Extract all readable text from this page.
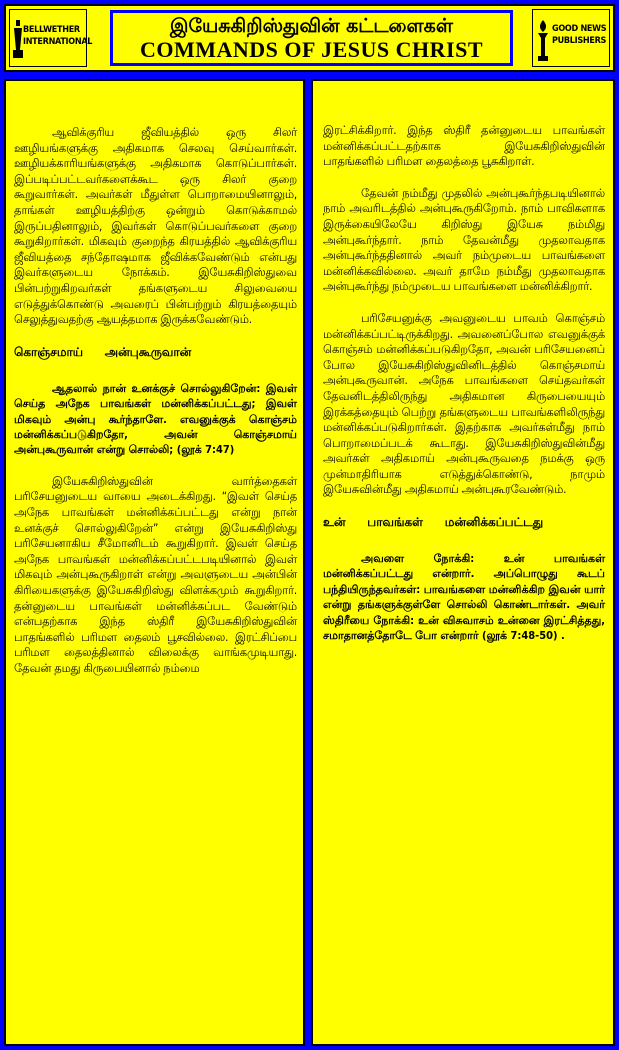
BELLWETHER
INTERNATIONAL
இயேசுகிறிஸ்துவின் கட்டளைகள்
COMMANDS OF JESUS CHRIST
GOOD NEWS
PUBLISHERS

ஆவிக்குரிய ஜீவியத்தில் ஒரு சிலர் ஊழியங்களுக்கு அதிகமாக செலவு செய்வார்கள். ஊழியக்காரியங்களுக்கு அதிகமாக கொடுப்பார்கள். இப்படிப்பட்டவர்களைக்கூட ஒரு சிலர் குறை கூறுவார்கள். அவர்கள் மீதுள்ள பொறாமையினாலும், தாங்கள் ஊழியத்திற்கு ஒன்றும் கொடுக்காமல் இருப்பதினாலும், இவர்கள் கொடுப்பவர்களை குறை கூறுகிறார்கள். மிகவும் குறைந்த கிரயத்தில் ஆவிக்குரிய ஜீவியத்தை சந்தோஷமாக ஜீவிக்கவேண்டும் என்பது இவர்களுடைய நோக்கம். இயேசுகிறிஸ்துவை பின்பற்றுகிறவர்கள் தங்களுடைய சிலுவையை எடுத்துக்கொண்டு அவரைப் பின்பற்றும் கிரயத்தையும் செலுத்துவதற்கு ஆயத்தமாக இருக்கவேண்டும்.

கொஞ்சமாய் அன்புகூருவான்

ஆதலால் நான் உனக்குச் சொல்லுகிறேன்: இவள் செய்த அநேக பாவங்கள் மன்னிக்கப்பட்டது; இவள் மிகவும் அன்பு கூர்ந்தாளே. எவனுக்குக் கொஞ்சம் மன்னிக்கப்படுகிறதோ, அவன் கொஞ்சமாய் அன்புகூருவான் என்று சொல்லி; (லூக் 7:47)

இயேசுகிறிஸ்துவின் வார்த்தைகள் பரிசேயனுடைய வாயை அடைக்கிறது. “இவள் செய்த அநேக பாவங்கள் மன்னிக்கப்பட்டது என்று நான் உனக்குச் சொல்லுகிறேன்” என்று இயேசுகிறிஸ்து பரிசேயனாகிய சீமோனிடம் கூறுகிறார். இவள் செய்த அநேக பாவங்கள் மன்னிக்கப்பட்டபடியினால் இவள் மிகவும் அன்புகூருகிறாள் என்று அவளுடைய அன்பின் கிரியைகளுக்கு இயேசுகிறிஸ்து விளக்கமும் கூறுகிறார். தன்னுடைய பாவங்கள் மன்னிக்கப்பட வேண்டும் என்பதற்காக இந்த ஸ்திரீ இயேசுகிறிஸ்துவின் பாதங்களில் பரிமள தைலம் பூசவில்லை. இரட்சிப்பை பரிமள தைலத்தினால் விலைக்கு வாங்கமுடியாது. தேவன் தமது கிருபையினால் நம்மை

இரட்சிக்கிறார். இந்த ஸ்திரீ தன்னுடைய பாவங்கள் மன்னிக்கப்பட்டதற்காக இயேசுகிறிஸ்துவின் பாதங்களில் பரிமள தைலத்தை பூசுகிறாள்.

தேவன் நம்மீது முதலில் அன்புகூர்ந்தபடியினால் நாம் அவரிடத்தில் அன்புகூருகிறோம். நாம் பாவிகளாக இருக்கையிலேயே கிறிஸ்து இயேசு நம்மிது அன்புகூர்ந்தார். நாம் தேவன்மீது முதலாவதாக அன்புகூர்ந்ததினால் அவர் நம்முடைய பாவங்களை மன்னிக்கவில்லை. அவர் தாமே நம்மீது முதலாவதாக அன்புகூர்ந்து நம்முடைய பாவங்களை மன்னிக்கிறார்.

பரிசேயனுக்கு அவனுடைய பாவம் கொஞ்சம் மன்னிக்கப்பட்டிருக்கிறது. அவனைப்போல எவனுக்குக் கொஞ்சம் மன்னிக்கப்படுகிறதோ, அவன் பரிசேயனைப் போல இயேசுகிறிஸ்துவினிடத்தில் கொஞ்சமாய் அன்புகூருவான். அநேக பாவங்களை செய்தவர்கள் தேவனிடத்திலிருந்து அதிகமான கிருபையையும் இரக்கத்தையும் பெற்று தங்களுடைய பாவங்களிலிருந்து மன்னிக்கப்படுகிறார்கள். இதற்காக அவர்கள்மீது நாம் பொறாமைப்படக் கூடாது. இயேசுகிறிஸ்துவின்மீது அவர்கள் அதிகமாய் அன்புகூருவதை நமக்கு ஒரு முன்மாதிரியாக எடுத்துக்கொண்டு, நாமும் இயேசுவின்மீது அதிகமாய் அன்புகூரவேண்டும்.

உன் பாவங்கள் மன்னிக்கப்பட்டது

அவளை நோக்கி: உன் பாவங்கள் மன்னிக்கப்பட்டது என்றார். அப்பொழுது கூடப் பந்தியிருந்தவர்கள்: பாவங்களை மன்னிக்கிற இவன் யார் என்று தங்களுக்குள்ளே சொல்லி கொண்டார்கள். அவர் ஸ்திரீயை நோக்கி: உன் விசுவாசம் உன்னை இரட்சித்தது, சமாதானத்தோடே போ என்றார் (லூக் 7:48-50) .
